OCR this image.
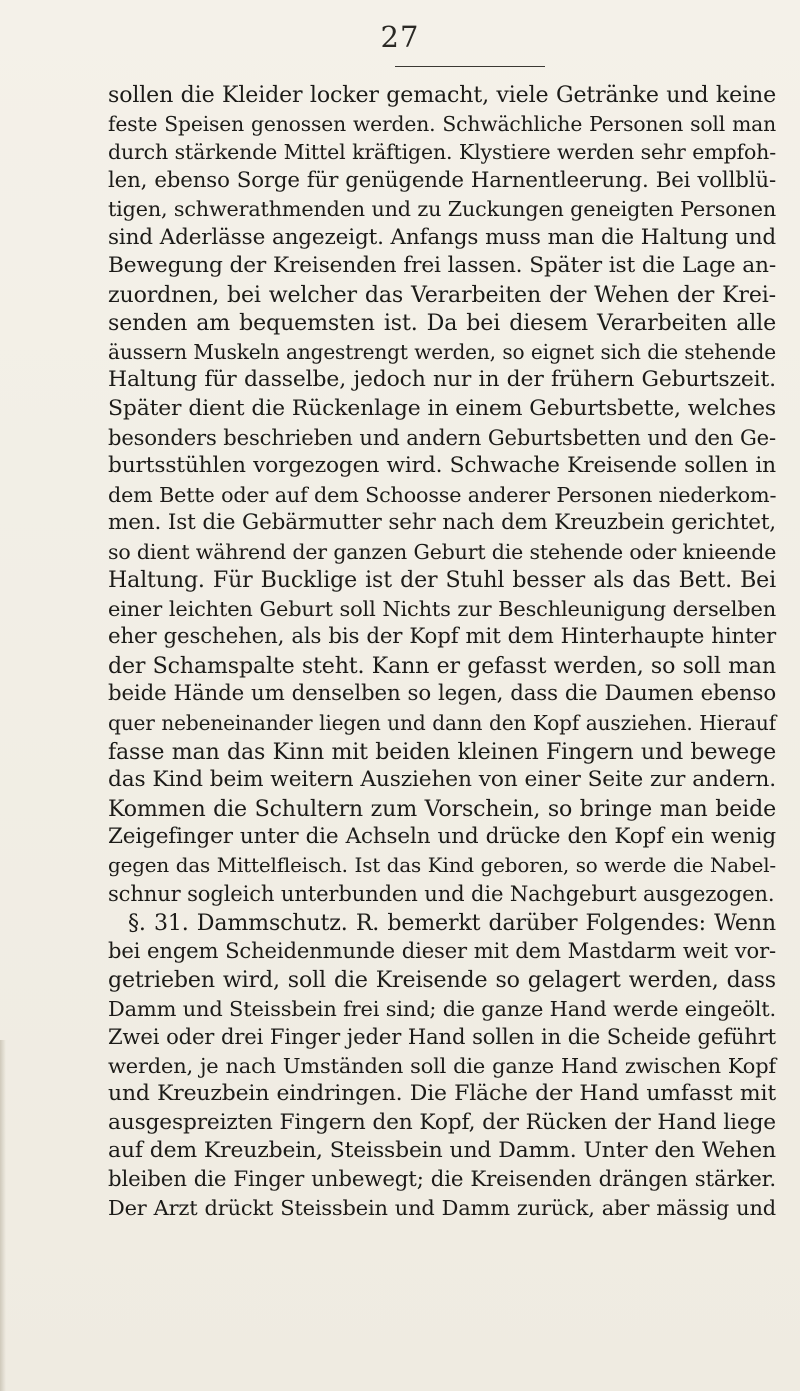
27
sollen die Kleider locker gemacht, viele Getränke und keine
feste Speisen genossen werden. Schwächliche Personen soll man
durch stärkende Mittel kräftigen. Klystiere werden sehr empfoh-
len, ebenso Sorge für genügende Harnentleerung. Bei vollblü-
tigen, schwerathmenden und zu Zuckungen geneigten Personen
sind Aderlässe angezeigt. Anfangs muss man die Haltung und
Bewegung der Kreisenden frei lassen. Später ist die Lage an-
zuordnen, bei welcher das Verarbeiten der Wehen der Krei-
senden am bequemsten ist. Da bei diesem Verarbeiten alle
äussern Muskeln angestrengt werden, so eignet sich die stehende
Haltung für dasselbe, jedoch nur in der frühern Geburtszeit.
Später dient die Rückenlage in einem Geburtsbette, welches
besonders beschrieben und andern Geburtsbetten und den Ge-
burtsstühlen vorgezogen wird. Schwache Kreisende sollen in
dem Bette oder auf dem Schoosse anderer Personen niederkom-
men. Ist die Gebärmutter sehr nach dem Kreuzbein gerichtet,
so dient während der ganzen Geburt die stehende oder knieende
Haltung. Für Bucklige ist der Stuhl besser als das Bett. Bei
einer leichten Geburt soll Nichts zur Beschleunigung derselben
eher geschehen, als bis der Kopf mit dem Hinterhaupte hinter
der Schamspalte steht. Kann er gefasst werden, so soll man
beide Hände um denselben so legen, dass die Daumen ebenso
quer nebeneinander liegen und dann den Kopf ausziehen. Hierauf
fasse man das Kinn mit beiden kleinen Fingern und bewege
das Kind beim weitern Ausziehen von einer Seite zur andern.
Kommen die Schultern zum Vorschein, so bringe man beide
Zeigefinger unter die Achseln und drücke den Kopf ein wenig
gegen das Mittelfleisch. Ist das Kind geboren, so werde die Nabel-
schnur sogleich unterbunden und die Nachgeburt ausgezogen.
§. 31. Dammschutz. R. bemerkt darüber Folgendes: Wenn
bei engem Scheidenmunde dieser mit dem Mastdarm weit vor-
getrieben wird, soll die Kreisende so gelagert werden, dass
Damm und Steissbein frei sind; die ganze Hand werde eingeölt.
Zwei oder drei Finger jeder Hand sollen in die Scheide geführt
werden, je nach Umständen soll die ganze Hand zwischen Kopf
und Kreuzbein eindringen. Die Fläche der Hand umfasst mit
ausgespreizten Fingern den Kopf, der Rücken der Hand liege
auf dem Kreuzbein, Steissbein und Damm. Unter den Wehen
bleiben die Finger unbewegt; die Kreisenden drängen stärker.
Der Arzt drückt Steissbein und Damm zurück, aber mässig und
